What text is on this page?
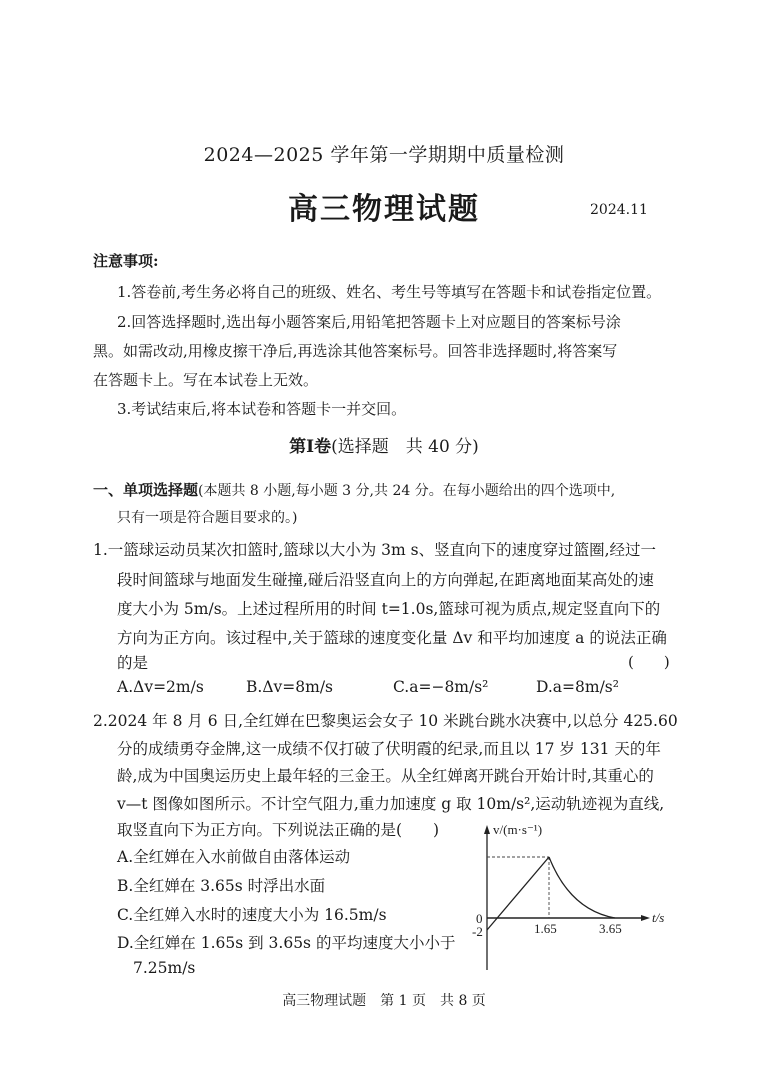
2024—2025 学年第一学期期中质量检测
高三物理试题	2024.11
注意事项:
1.答卷前,考生务必将自己的班级、姓名、考生号等填写在答题卡和试卷指定位置。
2.回答选择题时,选出每小题答案后,用铅笔把答题卡上对应题目的答案标号涂
黑。如需改动,用橡皮擦干净后,再选涂其他答案标号。回答非选择题时,将答案写
在答题卡上。写在本试卷上无效。
3.考试结束后,将本试卷和答题卡一并交回。
第Ⅰ卷(选择题　共 40 分)
一、单项选择题(本题共 8 小题,每小题 3 分,共 24 分。在每小题给出的四个选项中,
只有一项是符合题目要求的。)
1.一篮球运动员某次扣篮时,篮球以大小为 3m s、竖直向下的速度穿过篮圈,经过一
段时间篮球与地面发生碰撞,碰后沿竖直向上的方向弹起,在距离地面某高处的速
度大小为 5m/s。上述过程所用的时间 t=1.0s,篮球可视为质点,规定竖直向下的
方向为正方向。该过程中,关于篮球的速度变化量 Δv 和平均加速度 a 的说法正确
的是	(　　)
A.Δv=2m/s	B.Δv=8m/s	C.a=−8m/s²	D.a=8m/s²
2.2024 年 8 月 6 日,全红婵在巴黎奥运会女子 10 米跳台跳水决赛中,以总分 425.60
分的成绩勇夺金牌,这一成绩不仅打破了伏明霞的纪录,而且以 17 岁 131 天的年
龄,成为中国奥运历史上最年轻的三金王。从全红婵离开跳台开始计时,其重心的
v—t 图像如图所示。不计空气阻力,重力加速度 g 取 10m/s²,运动轨迹视为直线,
取竖直向下为正方向。下列说法正确的是(　　)
A.全红婵在入水前做自由落体运动
B.全红婵在 3.65s 时浮出水面
C.全红婵入水时的速度大小为 16.5m/s
D.全红婵在 1.65s 到 3.65s 的平均速度大小小于
7.25m/s
v/(m·s⁻¹)
t/s
0
-2	1.65	3.65
高三物理试题　第 1 页　共 8 页
